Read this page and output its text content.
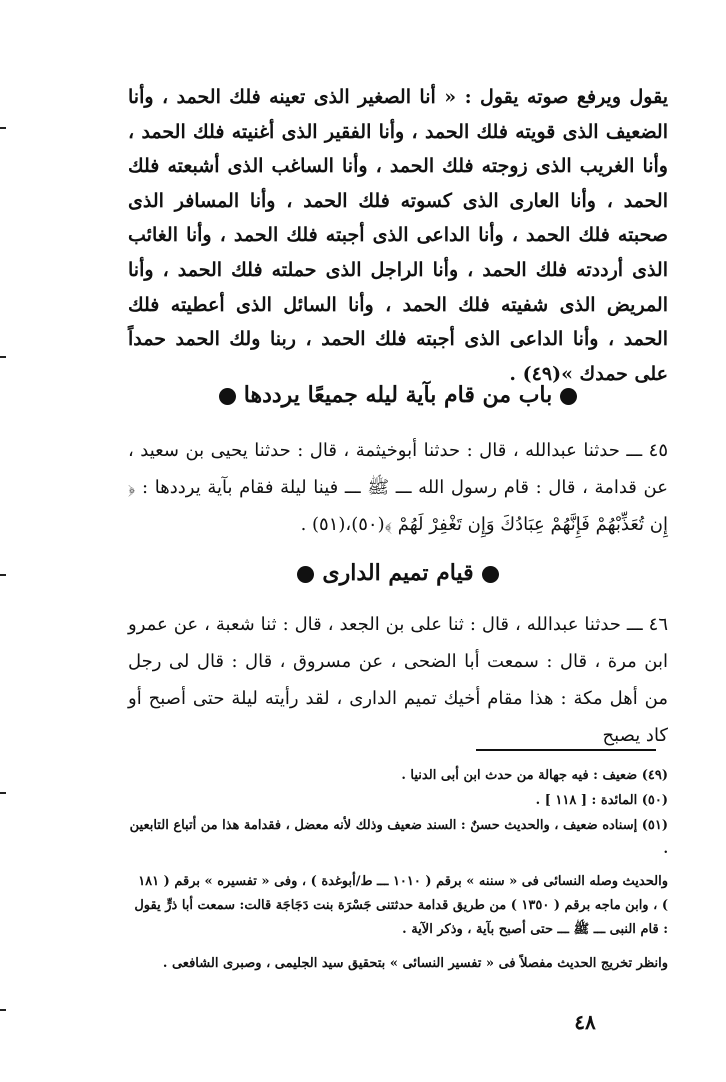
يقول ويرفع صوته يقول : « أنا الصغير الذى تعينه فلك الحمد ، وأنا الضعيف الذى قويته فلك الحمد ، وأنا الفقير الذى أغنيته فلك الحمد ، وأنا الغريب الذى زوجته فلك الحمد ، وأنا الساغب الذى أشبعته فلك الحمد ، وأنا العارى الذى كسوته فلك الحمد ، وأنا المسافر الذى صحبته فلك الحمد ، وأنا الداعى الذى أجبته فلك الحمد ، وأنا الغائب الذى أرددته فلك الحمد ، وأنا الراجل الذى حملته فلك الحمد ، وأنا المريض الذى شفيته فلك الحمد ، وأنا السائل الذى أعطيته فلك الحمد ، وأنا الداعى الذى أجبته فلك الحمد ، ربنا ولك الحمد حمداً على حمدك »(٤٩) .
باب من قام بآية ليله جميعًا يرددها
٤٥ ـــ حدثنا عبدالله ، قال : حدثنا أبوخيثمة ، قال : حدثنا يحيى بن سعيد ، عن قدامة ، قال : قام رسول الله ـــ ﷺ ـــ فينا ليلة فقام بآية يرددها : ﴿ إِن تُعَذِّبْهُمْ فَإِنَّهُمْ عِبَادُكَ وَإِن تَغْفِرْ لَهُمْ ﴾(٥٠)،(٥١) .
قيام تميم الدارى
٤٦ ـــ حدثنا عبدالله ، قال : ثنا على بن الجعد ، قال : ثنا شعبة ، عن عمرو ابن مرة ، قال : سمعت أبا الضحى ، عن مسروق ، قال : قال لى رجل من أهل مكة : هذا مقام أخيك تميم الدارى ، لقد رأيته ليلة حتى أصبح أو كاد يصبح
(٤٩) ضعيف : فيه جهالة من حدث ابن أبى الدنيا .
(٥٠) المائدة : [ ١١٨ ] .
(٥١) إسناده ضعيف ، والحديث حسنٌ : السند ضعيف وذلك لأنه معضل ، فقدامة هذا من أتباع التابعين .
والحديث وصله النسائى فى « سننه » برقم ( ١٠١٠ ـــ ط/أبوغدة ) ، وفى « تفسيره » برقم ( ١٨١ ) ، وابن ماجه برقم ( ١٣٥٠ ) من طريق قدامة حدثتنى جَسْرَة بنت دَجَاجَة قالت: سمعت أبا ذرٍّ يقول : قام النبى ـــ ﷺ ـــ حتى أصبح بآية ، وذكر الآية .
وانظر تخريج الحديث مفصلاً فى « تفسير النسائى » بتحقيق سيد الجليمى ، وصبرى الشافعى .
٤٨
